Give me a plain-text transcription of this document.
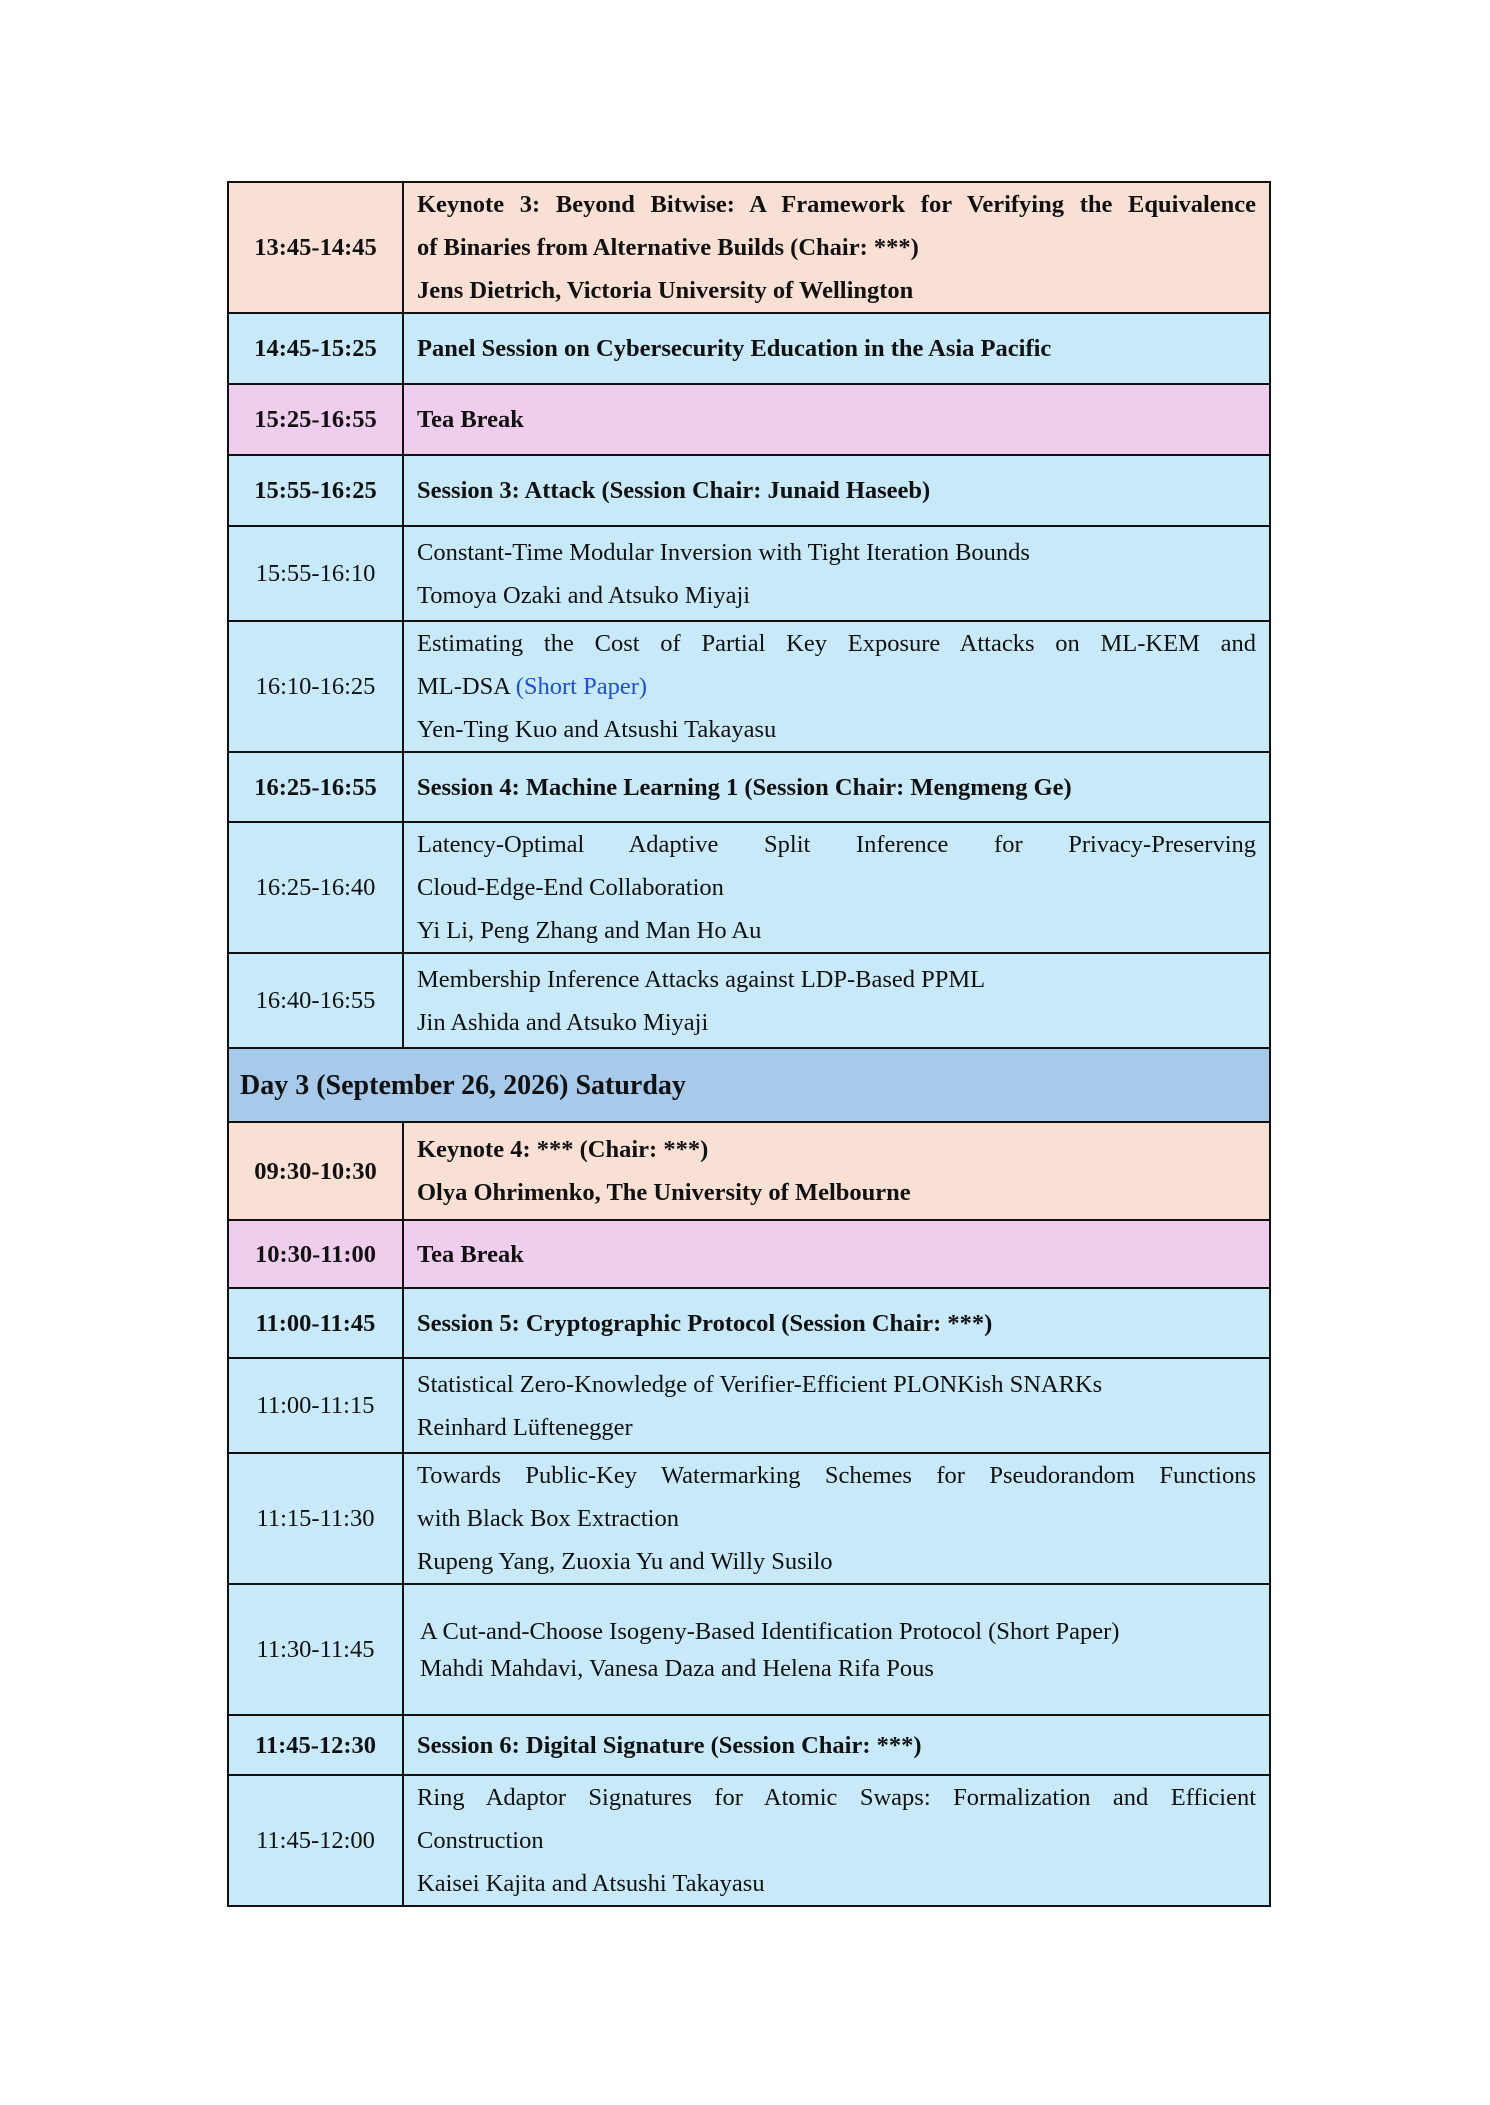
13:45-14:45	Keynote 3: Beyond Bitwise: A Framework for Verifying the Equivalence
of Binaries from Alternative Builds (Chair: ***)
Jens Dietrich, Victoria University of Wellington

14:45-15:25	Panel Session on Cybersecurity Education in the Asia Pacific
15:25-16:55	Tea Break
15:55-16:25	Session 3: Attack (Session Chair: Junaid Haseeb)
15:55-16:10	Constant-Time Modular Inversion with Tight Iteration Bounds
Tomoya Ozaki and Atsuko Miyaji

16:10-16:25	Estimating the Cost of Partial Key Exposure Attacks on ML-KEM and
ML-DSA (Short Paper)
Yen-Ting Kuo and Atsushi Takayasu

16:25-16:55	Session 4: Machine Learning 1 (Session Chair: Mengmeng Ge)
16:25-16:40	Latency-Optimal Adaptive Split Inference for Privacy-Preserving
Cloud-Edge-End Collaboration
Yi Li, Peng Zhang and Man Ho Au

16:40-16:55	Membership Inference Attacks against LDP-Based PPML
Jin Ashida and Atsuko Miyaji

Day 3 (September 26, 2026) Saturday	
09:30-10:30	Keynote 4: *** (Chair: ***)
Olya Ohrimenko, The University of Melbourne

10:30-11:00	Tea Break
11:00-11:45	Session 5: Cryptographic Protocol (Session Chair: ***)
11:00-11:15	Statistical Zero-Knowledge of Verifier-Efficient PLONKish SNARKs
Reinhard Lüftenegger

11:15-11:30	Towards Public-Key Watermarking Schemes for Pseudorandom Functions
with Black Box Extraction
Rupeng Yang, Zuoxia Yu and Willy Susilo

11:30-11:45	A Cut-and-Choose Isogeny-Based Identification Protocol (Short Paper)
Mahdi Mahdavi, Vanesa Daza and Helena Rifa Pous

11:45-12:30	Session 6: Digital Signature (Session Chair: ***)
11:45-12:00	Ring Adaptor Signatures for Atomic Swaps: Formalization and Efficient
Construction
Kaisei Kajita and Atsushi Takayasu
